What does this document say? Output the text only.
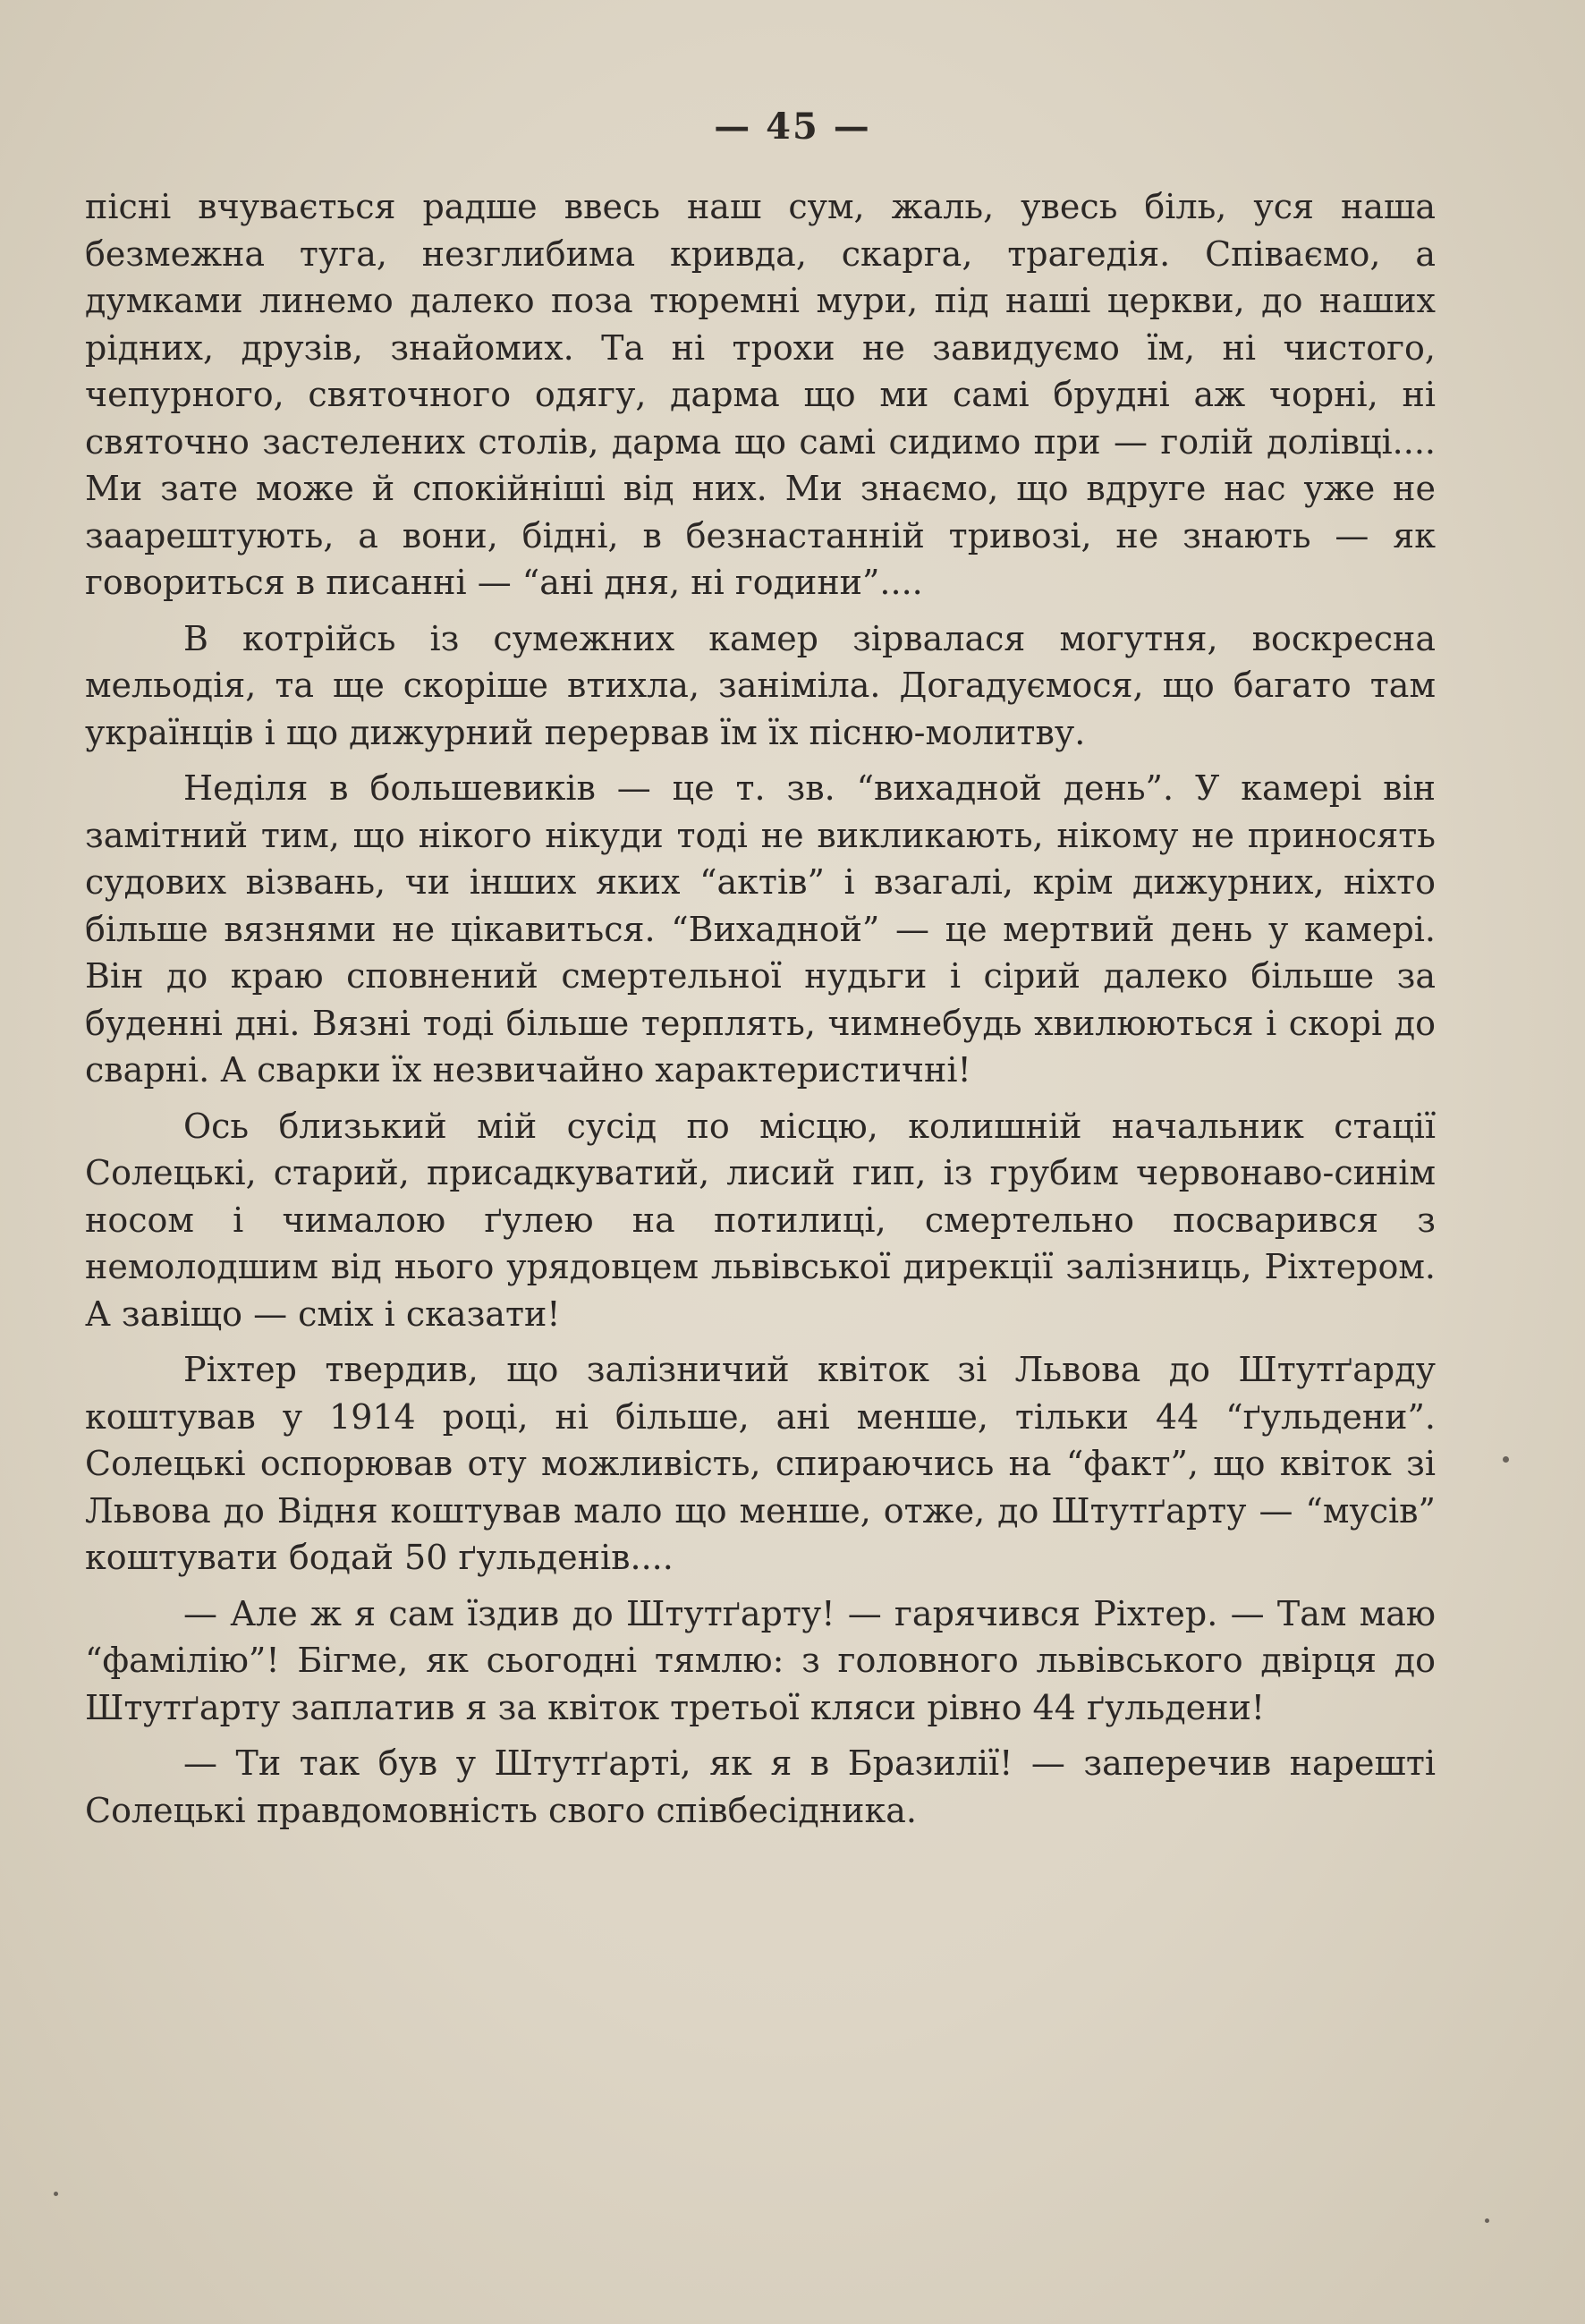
— 45 —

пісні вчувається радше ввесь наш сум, жаль, увесь біль, уся наша безмежна туга, незглибима кривда, скарга, трагедія. Співаємо, а думками линемо далеко поза тюремні мури, під наші церкви, до наших рідних, друзів, знайомих. Та ні трохи не завидуємо їм, ні чистого, чепурного, святочного одягу, дарма що ми самі брудні аж чорні, ні святочно застелених столів, дарма що самі сидимо при — голій долівці.... Ми зате може й спокійніші від них. Ми знаємо, що вдруге нас уже не заарештують, а вони, бідні, в безнастанній тривозі, не знають — як говориться в писанні — “ані дня, ні години”....

В котрійсь із сумежних камер зірвалася могутня, воскресна мельодія, та ще скоріше втихла, заніміла. Догадуємося, що багато там українців і що дижурний перервав їм їх пісню-молитву.

Неділя в большевиків — це т. зв. “вихадной день”. У камері він замітний тим, що нікого нікуди тоді не викликають, нікому не приносять судових візвань, чи інших яких “актів” і взагалі, крім дижурних, ніхто більше вязнями не цікавиться. “Вихадной” — це мертвий день у камері. Він до краю сповнений смертельної нудьги і сірий далеко більше за буденні дні. Вязні тоді більше терплять, чимнебудь хвилюються і скорі до сварні. А сварки їх незвичайно характеристичні!

Ось близький мій сусід по місцю, колишній начальник стації Солецькі, старий, присадкуватий, лисий гип, із грубим червонаво-синім носом і чималою ґулею на потилиці, смертельно посварився з немолодшим від нього урядовцем львівської дирекції залізниць, Ріхтером. А завіщо — сміх і сказати!

Ріхтер твердив, що залізничий квіток зі Львова до Штутґарду коштував у 1914 році, ні більше, ані менше, тільки 44 “ґульдени”. Солецькі оспорював оту можливість, спираючись на “факт”, що квіток зі Львова до Відня коштував мало що менше, отже, до Штутґарту — “мусів” коштувати бодай 50 ґульденів....

— Але ж я сам їздив до Штутґарту! — гарячився Ріхтер. — Там маю “фамілію”! Бігме, як сьогодні тямлю: з головного львівського двірця до Штутґарту заплатив я за квіток третьої кляси рівно 44 ґульдени!

— Ти так був у Штутґарті, як я в Бразилії! — заперечив нарешті Солецькі правдомовність свого співбесідника.
